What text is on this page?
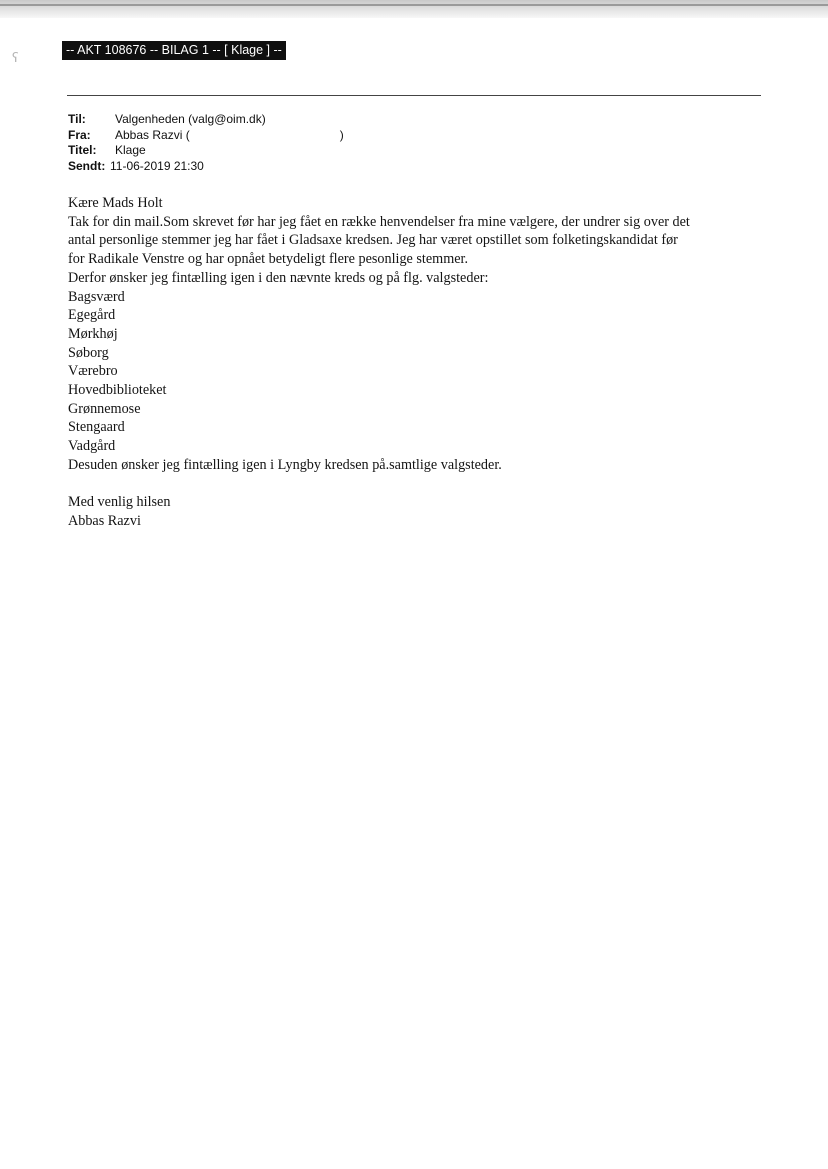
ʕ
-- AKT 108676 -- BILAG 1 -- [ Klage ] --
Til:	Valgenheden (valg@oim.dk)
Fra:	Abbas Razvi (	)
Titel:	Klage
Sendt: 11-06-2019 21:30
Kære Mads Holt
Tak for din mail.Som skrevet før har jeg fået en række henvendelser fra mine vælgere, der undrer sig over det
antal personlige stemmer jeg har fået i Gladsaxe kredsen. Jeg har været opstillet som folketingskandidat før
for Radikale Venstre og har opnået betydeligt flere pesonlige stemmer.
Derfor ønsker jeg fintælling igen i den nævnte kreds og på flg. valgsteder:
Bagsværd
Egegård
Mørkhøj
Søborg
Værebro
Hovedbiblioteket
Grønnemose
Stengaard
Vadgård
Desuden ønsker jeg fintælling igen i Lyngby kredsen på.samtlige valgsteder.
Med venlig hilsen
Abbas Razvi
